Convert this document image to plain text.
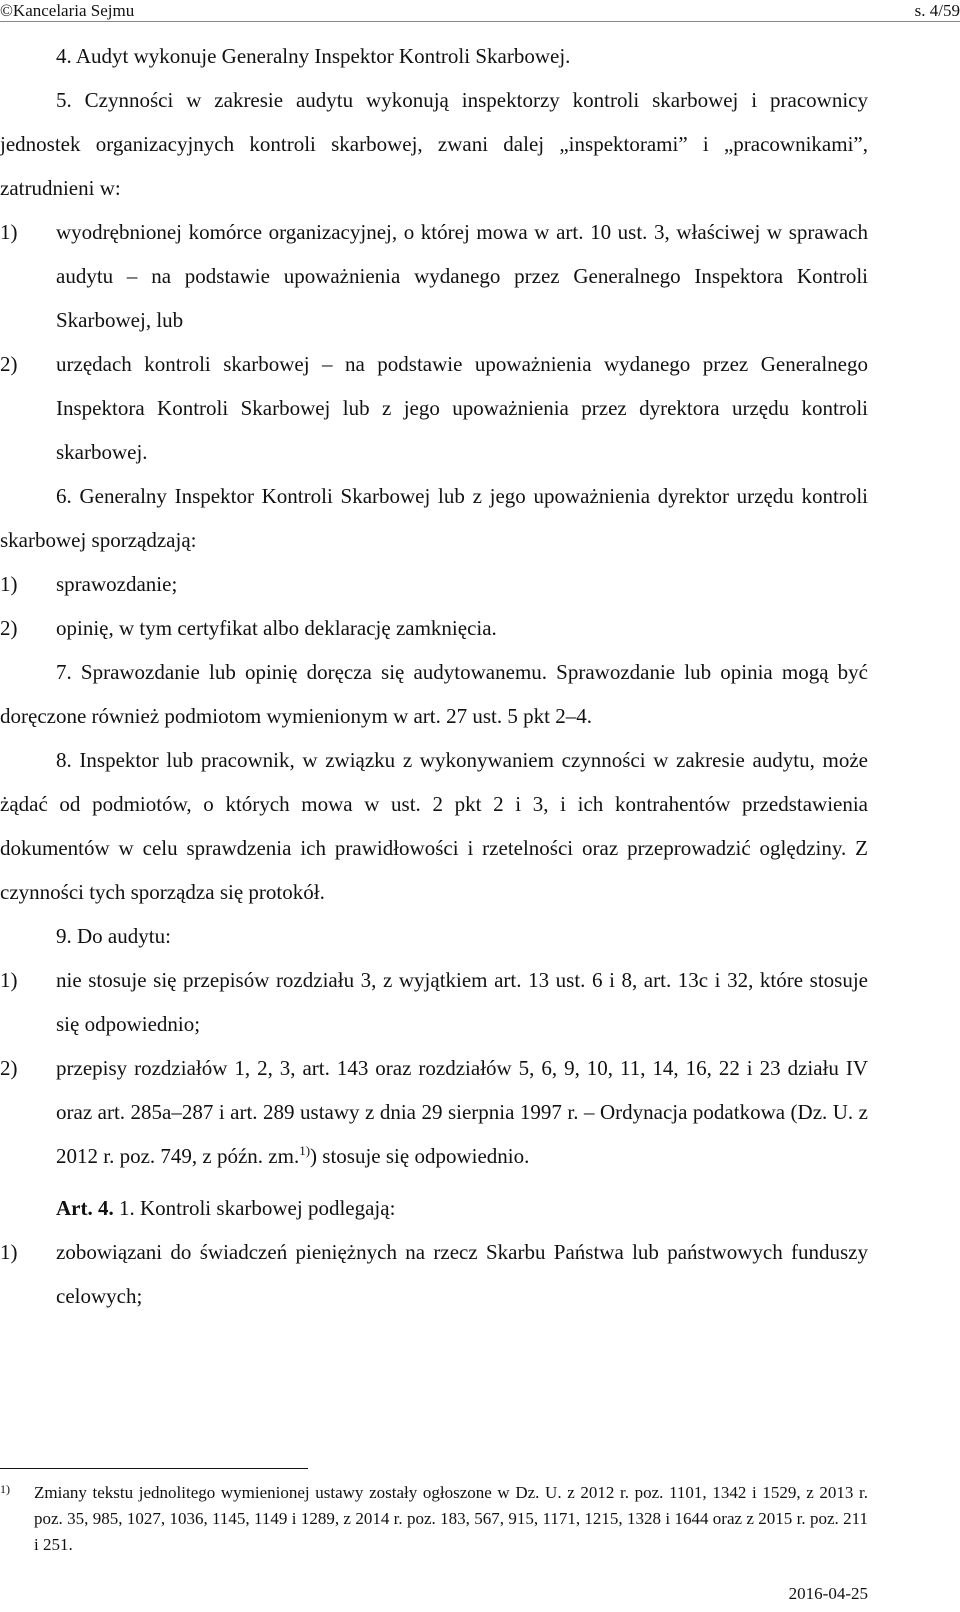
©Kancelaria Sejmu	s. 4/59

4. Audyt wykonuje Generalny Inspektor Kontroli Skarbowej.

5. Czynności w zakresie audytu wykonują inspektorzy kontroli skarbowej i pracownicy jednostek organizacyjnych kontroli skarbowej, zwani dalej „inspektorami” i „pracownikami”, zatrudnieni w:

1)	wyodrębnionej komórce organizacyjnej, o której mowa w art. 10 ust. 3, właściwej w sprawach audytu – na podstawie upoważnienia wydanego przez Generalnego Inspektora Kontroli Skarbowej, lub
2)	urzędach kontroli skarbowej – na podstawie upoważnienia wydanego przez Generalnego Inspektora Kontroli Skarbowej lub z jego upoważnienia przez dyrektora urzędu kontroli skarbowej.

6. Generalny Inspektor Kontroli Skarbowej lub z jego upoważnienia dyrektor urzędu kontroli skarbowej sporządzają:

1)	sprawozdanie;
2)	opinię, w tym certyfikat albo deklarację zamknięcia.

7. Sprawozdanie lub opinię doręcza się audytowanemu. Sprawozdanie lub opinia mogą być doręczone również podmiotom wymienionym w art. 27 ust. 5 pkt 2–4.

8. Inspektor lub pracownik, w związku z wykonywaniem czynności w zakresie audytu, może żądać od podmiotów, o których mowa w ust. 2 pkt 2 i 3, i ich kontrahentów przedstawienia dokumentów w celu sprawdzenia ich prawidłowości i rzetelności oraz przeprowadzić oględziny. Z czynności tych sporządza się protokół.

9. Do audytu:

1)	nie stosuje się przepisów rozdziału 3, z wyjątkiem art. 13 ust. 6 i 8, art. 13c i 32, które stosuje się odpowiednio;
2)	przepisy rozdziałów 1, 2, 3, art. 143 oraz rozdziałów 5, 6, 9, 10, 11, 14, 16, 22 i 23 działu IV oraz art. 285a–287 i art. 289 ustawy z dnia 29 sierpnia 1997 r. – Ordynacja podatkowa (Dz. U. z 2012 r. poz. 749, z późn. zm.$^{1)}$) stosuje się odpowiednio.

Art. 4. 1. Kontroli skarbowej podlegają:

1)	zobowiązani do świadczeń pieniężnych na rzecz Skarbu Państwa lub państwowych funduszy celowych;
1)	Zmiany tekstu jednolitego wymienionej ustawy zostały ogłoszone w Dz. U. z 2012 r. poz. 1101, 1342 i 1529, z 2013 r. poz. 35, 985, 1027, 1036, 1145, 1149 i 1289, z 2014 r. poz. 183, 567, 915, 1171, 1215, 1328 i 1644 oraz z 2015 r. poz. 211 i 251.
2016-04-25
